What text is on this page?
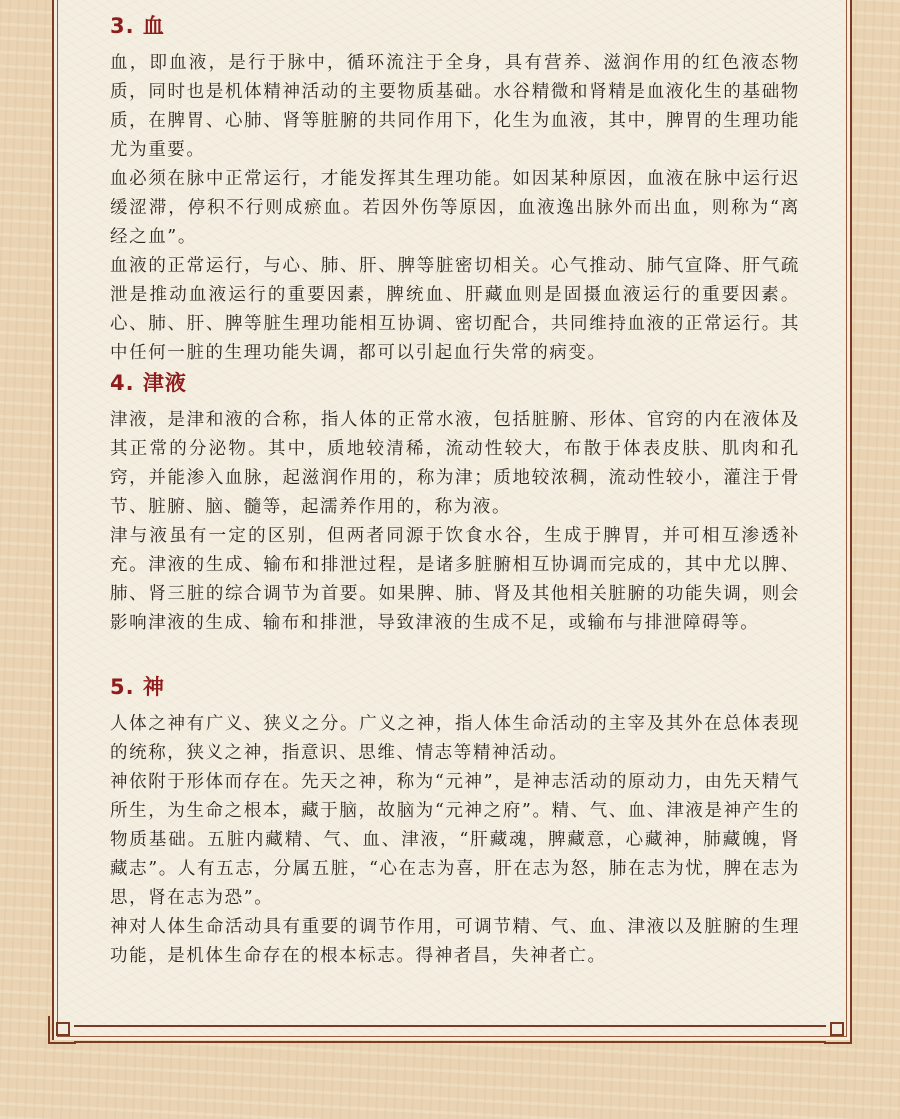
3. 血

血，即血液，是行于脉中，循环流注于全身，具有营养、滋润作用的红色液态物质，同时也是机体精神活动的主要物质基础。水谷精微和肾精是血液化生的基础物质，在脾胃、心肺、肾等脏腑的共同作用下，化生为血液，其中，脾胃的生理功能尤为重要。

血必须在脉中正常运行，才能发挥其生理功能。如因某种原因，血液在脉中运行迟缓涩滞，停积不行则成瘀血。若因外伤等原因，血液逸出脉外而出血，则称为“离经之血”。

血液的正常运行，与心、肺、肝、脾等脏密切相关。心气推动、肺气宣降、肝气疏泄是推动血液运行的重要因素，脾统血、肝藏血则是固摄血液运行的重要因素。心、肺、肝、脾等脏生理功能相互协调、密切配合，共同维持血液的正常运行。其中任何一脏的生理功能失调，都可以引起血行失常的病变。

4. 津液

津液，是津和液的合称，指人体的正常水液，包括脏腑、形体、官窍的内在液体及其正常的分泌物。其中，质地较清稀，流动性较大，布散于体表皮肤、肌肉和孔窍，并能渗入血脉，起滋润作用的，称为津；质地较浓稠，流动性较小，灌注于骨节、脏腑、脑、髓等，起濡养作用的，称为液。

津与液虽有一定的区别，但两者同源于饮食水谷，生成于脾胃，并可相互渗透补充。津液的生成、输布和排泄过程，是诸多脏腑相互协调而完成的，其中尤以脾、肺、肾三脏的综合调节为首要。如果脾、肺、肾及其他相关脏腑的功能失调，则会影响津液的生成、输布和排泄，导致津液的生成不足，或输布与排泄障碍等。

5. 神

人体之神有广义、狭义之分。广义之神，指人体生命活动的主宰及其外在总体表现的统称，狭义之神，指意识、思维、情志等精神活动。

神依附于形体而存在。先天之神，称为“元神”，是神志活动的原动力，由先天精气所生，为生命之根本，藏于脑，故脑为“元神之府”。精、气、血、津液是神产生的物质基础。五脏内藏精、气、血、津液，“肝藏魂，脾藏意，心藏神，肺藏魄，肾藏志”。人有五志，分属五脏，“心在志为喜，肝在志为怒，肺在志为忧，脾在志为思，肾在志为恐”。

神对人体生命活动具有重要的调节作用，可调节精、气、血、津液以及脏腑的生理功能，是机体生命存在的根本标志。得神者昌，失神者亡。
